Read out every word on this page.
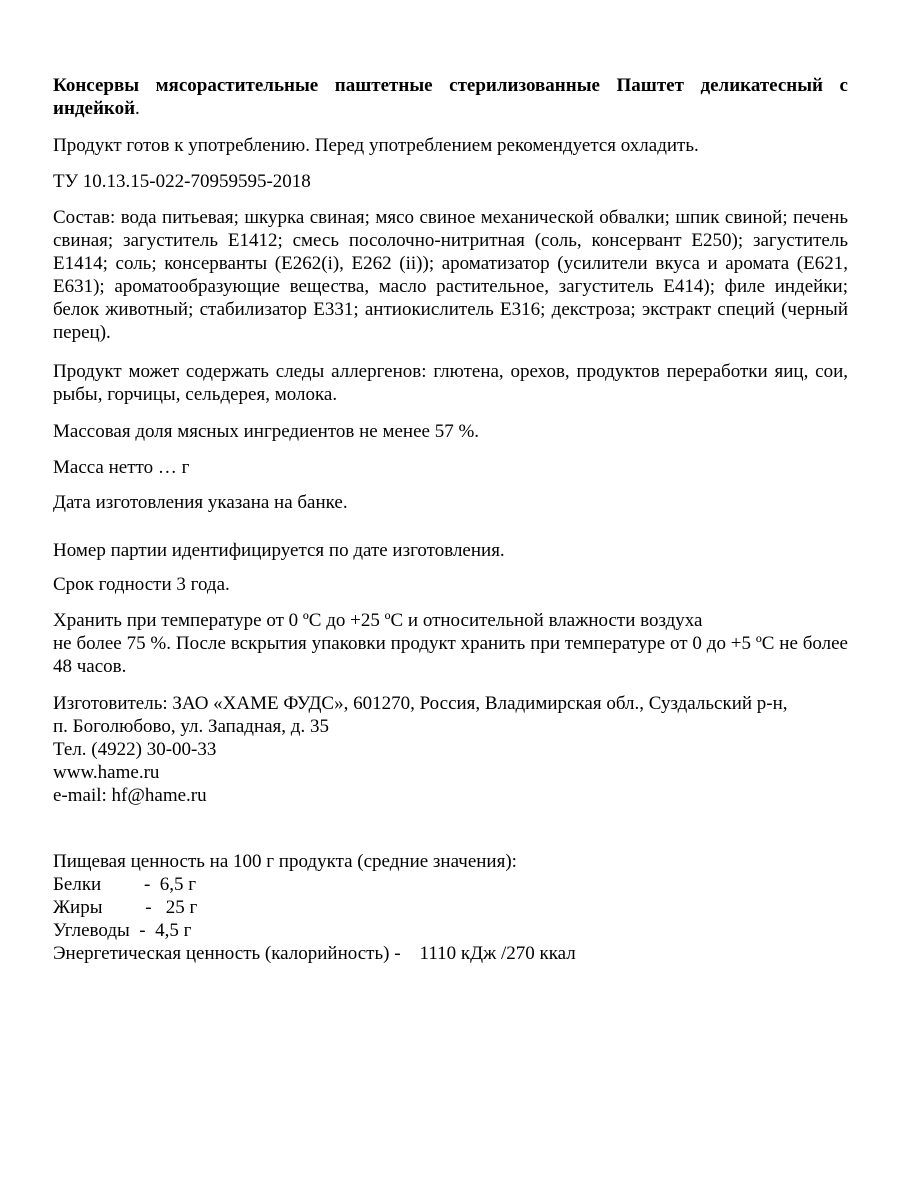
Консервы мясорастительные паштетные стерилизованные Паштет деликатесный с индейкой.

Продукт готов к употреблению. Перед употреблением рекомендуется охладить.

ТУ 10.13.15-022-70959595-2018

Состав: вода питьевая; шкурка свиная; мясо свиное механической обвалки; шпик свиной; печень свиная; загуститель Е1412; смесь посолочно-нитритная (соль, консервант Е250); загуститель Е1414; соль; консерванты (Е262(i), Е262 (ii)); ароматизатор (усилители вкуса и аромата (Е621, Е631); ароматообразующие вещества, масло растительное, загуститель Е414); филе индейки; белок животный; стабилизатор Е331; антиокислитель Е316; декстроза; экстракт специй (черный перец).

Продукт может содержать следы аллергенов: глютена, орехов, продуктов переработки яиц, сои, рыбы, горчицы, сельдерея, молока.

Массовая доля мясных ингредиентов не менее 57 %.

Масса нетто … г

Дата изготовления указана на банке.

Номер партии идентифицируется по дате изготовления.

Срок годности 3 года.

Хранить при температуре от 0 ºС до +25 ºС и относительной влажности воздуха
не более 75 %. После вскрытия упаковки продукт хранить при температуре от 0 до +5 ºС не более 48 часов.
Изготовитель: ЗАО «ХАМЕ ФУДС», 601270, Россия, Владимирская обл., Суздальский р-н,
п. Боголюбово, ул. Западная, д. 35
Тел. (4922) 30-00-33
www.hame.ru
e-mail: hf@hame.ru
Пищевая ценность на 100 г продукта (средние значения):
Белки         -  6,5 г
Жиры         -   25 г
Углеводы  -  4,5 г
Энергетическая ценность (калорийность) -    1110 кДж /270 ккал
